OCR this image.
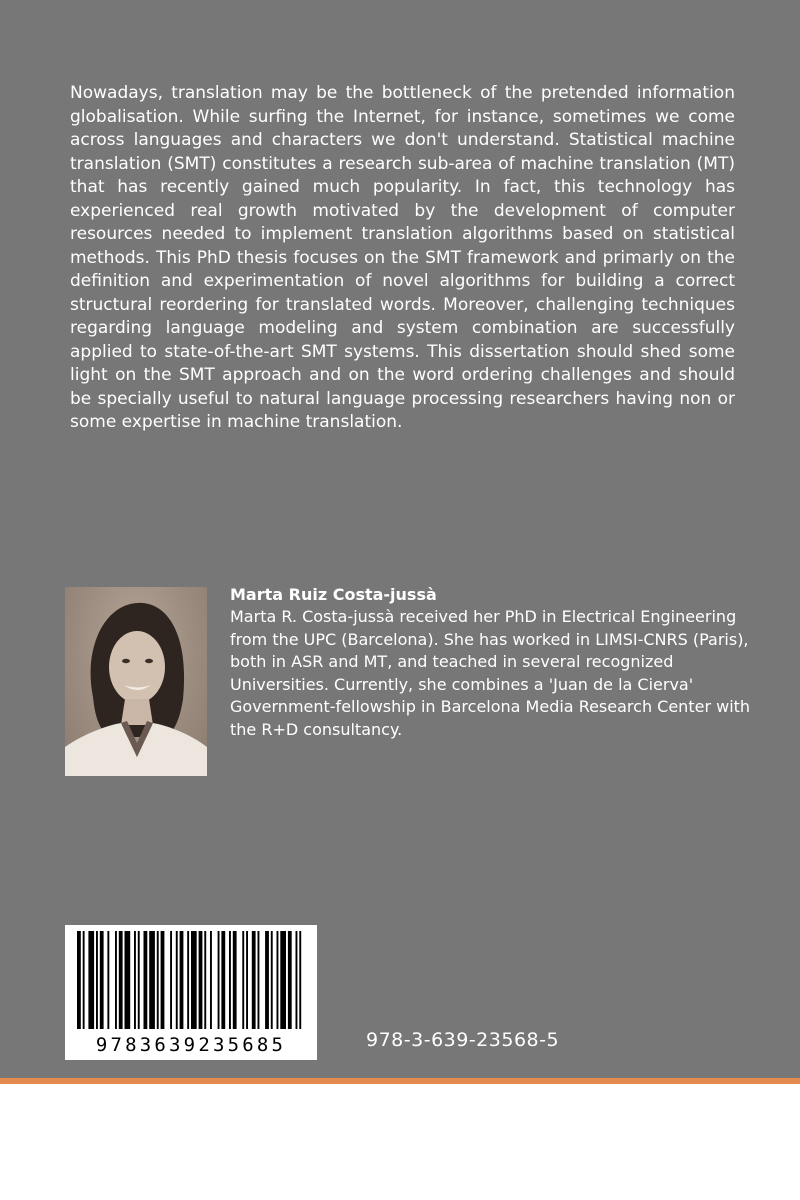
Nowadays, translation may be the bottleneck of the pretended information globalisation. While surfing the Internet, for instance, sometimes we come across languages and characters we don't understand. Statistical machine translation (SMT) constitutes a research sub-area of machine translation (MT) that has recently gained much popularity. In fact, this technology has experienced real growth motivated by the development of computer resources needed to implement translation algorithms based on statistical methods. This PhD thesis focuses on the SMT framework and primarly on the definition and experimentation of novel algorithms for building a correct structural reordering for translated words. Moreover, challenging techniques regarding language modeling and system combination are successfully applied to state-of-the-art SMT systems. This dissertation should shed some light on the SMT approach and on the word ordering challenges and should be specially useful to natural language processing researchers having non or some expertise in machine translation.

Marta Ruiz Costa-jussà

Marta R. Costa-jussà received her PhD in Electrical Engineering from the UPC (Barcelona). She has worked in LIMSI-CNRS (Paris), both in ASR and MT, and teached in several recognized Universities. Currently, she combines a 'Juan de la Cierva' Government-fellowship in Barcelona Media Research Center with the R+D consultancy.

9783639235685	978-3-639-23568-5
